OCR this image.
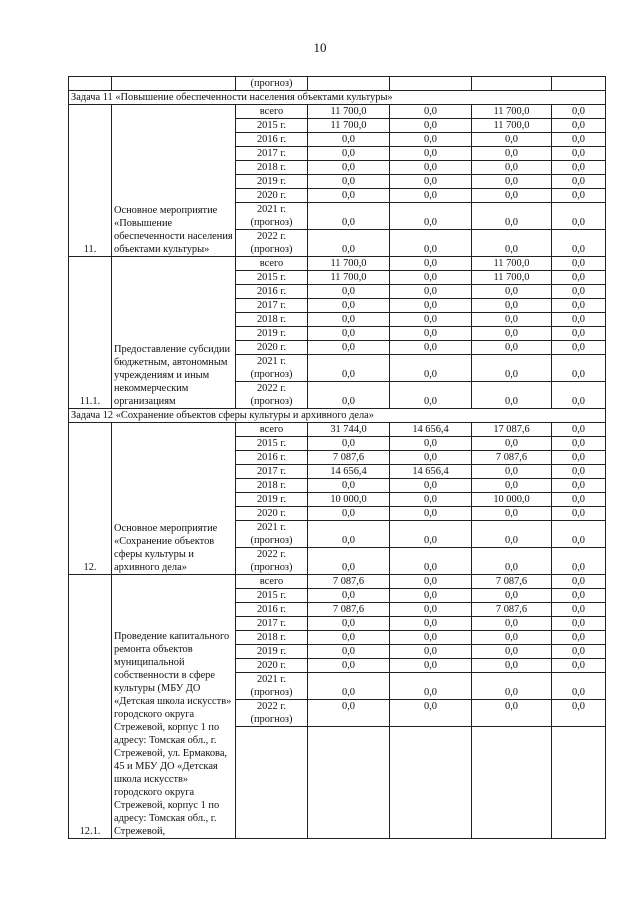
10
		(прогноз)				
Задача 11 «Повышение обеспеченности населения объектами культуры»						
11.	Основное мероприятие «Повышение обеспеченности населения объектами культуры»	всего	11 700,0	0,0	11 700,0	0,0
		2015 г.	11 700,0	0,0	11 700,0	0,0
		2016 г.	0,0	0,0	0,0	0,0
		2017 г.	0,0	0,0	0,0	0,0
		2018 г.	0,0	0,0	0,0	0,0
		2019 г.	0,0	0,0	0,0	0,0
		2020 г.	0,0	0,0	0,0	0,0
		2021 г. (прогноз)	0,0	0,0	0,0	0,0
		2022 г. (прогноз)	0,0	0,0	0,0	0,0
11.1.	Предоставление субсидии бюджетным, автономным учреждениям и иным некоммерческим организациям	всего	11 700,0	0,0	11 700,0	0,0
		2015 г.	11 700,0	0,0	11 700,0	0,0
		2016 г.	0,0	0,0	0,0	0,0
		2017 г.	0,0	0,0	0,0	0,0
		2018 г.	0,0	0,0	0,0	0,0
		2019 г.	0,0	0,0	0,0	0,0
		2020 г.	0,0	0,0	0,0	0,0
		2021 г. (прогноз)	0,0	0,0	0,0	0,0
		2022 г. (прогноз)	0,0	0,0	0,0	0,0
Задача 12 «Сохранение объектов сферы культуры и архивного дела»						
12.	Основное мероприятие «Сохранение объектов сферы культуры и архивного дела»	всего	31 744,0	14 656,4	17 087,6	0,0
		2015 г.	0,0	0,0	0,0	0,0
		2016 г.	7 087,6	0,0	7 087,6	0,0
		2017 г.	14 656,4	14 656,4	0,0	0,0
		2018 г.	0,0	0,0	0,0	0,0
		2019 г.	10 000,0	0,0	10 000,0	0,0
		2020 г.	0,0	0,0	0,0	0,0
		2021 г. (прогноз)	0,0	0,0	0,0	0,0
		2022 г. (прогноз)	0,0	0,0	0,0	0,0
12.1.	Проведение капитального ремонта объектов муниципальной собственности в сфере культуры (МБУ ДО «Детская школа искусств» городского округа Стрежевой, корпус 1 по адресу: Томская обл., г. Стрежевой, ул. Ермакова, 45 и МБУ ДО «Детская школа искусств» городского округа Стрежевой, корпус 1 по адресу: Томская обл., г. Стрежевой,	всего	7 087,6	0,0	7 087,6	0,0
		2015 г.	0,0	0,0	0,0	0,0
		2016 г.	7 087,6	0,0	7 087,6	0,0
		2017 г.	0,0	0,0	0,0	0,0
		2018 г.	0,0	0,0	0,0	0,0
		2019 г.	0,0	0,0	0,0	0,0
		2020 г.	0,0	0,0	0,0	0,0
		2021 г. (прогноз)	0,0	0,0	0,0	0,0
		2022 г. (прогноз)	0,0	0,0	0,0	0,0
